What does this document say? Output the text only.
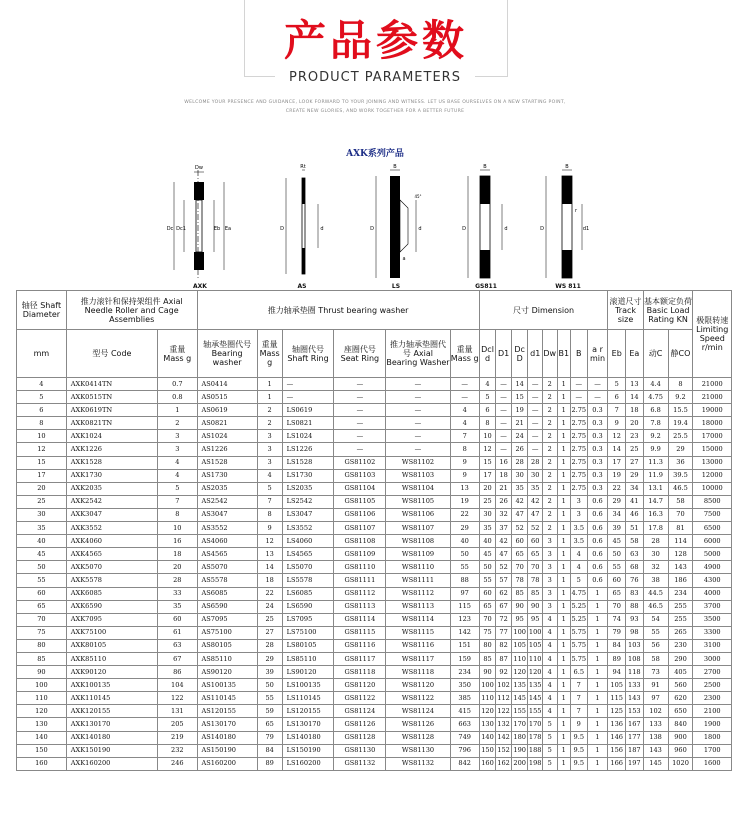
产品参数
PRODUCT PARAMETERS
WELCOME YOUR PRESENCE AND GUIDANCE, LOOK FORWARD TO YOUR JOINING AND WITNESS. LET US BASE OURSELVES ON A NEW STARTING POINT,
CREATE NEW GLORIES, AND WORK TOGETHER FOR A BETTER FUTURE
AXK系列产品
Dw
Dc Dc1	Eb Ea
AXK
Rt
D	d
AS
B
D	d
a
45°
LS
B
D	d
GS811
B
D	d1
r
WS 811
轴径 Shaft Diameter	推力滚针和保持架组件 Axial Needle Roller and Cage Assemblies		推力轴承垫圈 Thrust bearing washer						尺寸 Dimension								滚道尺寸 Track size		基本额定负荷 Basic Load Rating KN		极限转速 Limiting Speed r/min
mm	型号 Code	重量 Mass g	轴承垫圈代号 Bearing washer	重量 Mass g	轴圈代号 Shaft Ring	座圈代号 Seat Ring	推力轴承垫圈代号 Axial Bearing Washer	重量 Mass g	Dcl d	D1	Dc D	d1	Dw	B1	B	a r min	Eb	Ea	动C	静CO	
4	AXK0414TN	0.7	AS0414	1	—	—	—	—	4	—	14	—	2	1	—	—	5	13	4.4	8	21000
5	AXK0515TN	0.8	AS0515	1	—	—	—	—	5	—	15	—	2	1	—	—	6	14	4.75	9.2	21000
6	AXK0619TN	1	AS0619	2	LS0619	—	—	4	6	—	19	—	2	1	2.75	0.3	7	18	6.8	15.5	19000
8	AXK0821TN	2	AS0821	2	LS0821	—	—	4	8	—	21	—	2	1	2.75	0.3	9	20	7.8	19.4	18000
10	AXK1024	3	AS1024	3	LS1024	—	—	7	10	—	24	—	2	1	2.75	0.3	12	23	9.2	25.5	17000
12	AXK1226	3	AS1226	3	LS1226	—	—	8	12	—	26	—	2	1	2.75	0.3	14	25	9.9	29	15000
15	AXK1528	4	AS1528	3	LS1528	GS81102	WS81102	9	15	16	28	28	2	1	2.75	0.3	17	27	11.3	36	13000
17	AXK1730	4	AS1730	4	LS1730	GS81103	WS81103	9	17	18	30	30	2	1	2.75	0.3	19	29	11.9	39.5	12000
20	AXK2035	5	AS2035	5	LS2035	GS81104	WS81104	13	20	21	35	35	2	1	2.75	0.3	22	34	13.1	46.5	10000
25	AXK2542	7	AS2542	7	LS2542	GS81105	WS81105	19	25	26	42	42	2	1	3	0.6	29	41	14.7	58	8500
30	AXK3047	8	AS3047	8	LS3047	GS81106	WS81106	22	30	32	47	47	2	1	3	0.6	34	46	16.3	70	7500
35	AXK3552	10	AS3552	9	LS3552	GS81107	WS81107	29	35	37	52	52	2	1	3.5	0.6	39	51	17.8	81	6500
40	AXK4060	16	AS4060	12	LS4060	GS81108	WS81108	40	40	42	60	60	3	1	3.5	0.6	45	58	28	114	6000
45	AXK4565	18	AS4565	13	LS4565	GS81109	WS81109	50	45	47	65	65	3	1	4	0.6	50	63	30	128	5000
50	AXK5070	20	AS5070	14	LS5070	GS81110	WS81110	55	50	52	70	70	3	1	4	0.6	55	68	32	143	4900
55	AXK5578	28	AS5578	18	LS5578	GS81111	WS81111	88	55	57	78	78	3	1	5	0.6	60	76	38	186	4300
60	AXK6085	33	AS6085	22	LS6085	GS81112	WS81112	97	60	62	85	85	3	1	4.75	1	65	83	44.5	234	4000
65	AXK6590	35	AS6590	24	LS6590	GS81113	WS81113	115	65	67	90	90	3	1	5.25	1	70	88	46.5	255	3700
70	AXK7095	60	AS7095	25	LS7095	GS81114	WS81114	123	70	72	95	95	4	1	5.25	1	74	93	54	255	3500
75	AXK75100	61	AS75100	27	LS75100	GS81115	WS81115	142	75	77	100	100	4	1	5.75	1	79	98	55	265	3300
80	AXK80105	63	AS80105	28	LS80105	GS81116	WS81116	151	80	82	105	105	4	1	5.75	1	84	103	56	230	3100
85	AXK85110	67	AS85110	29	LS85110	GS81117	WS81117	159	85	87	110	110	4	1	5.75	1	89	108	58	290	3000
90	AXK90120	86	AS90120	39	LS90120	GS81118	WS81118	234	90	92	120	120	4	1	6.5	1	94	118	73	405	2700
100	AXK100135	104	AS100135	50	LS100135	GS81120	WS81120	350	100	102	135	135	4	1	7	1	105	133	91	560	2500
110	AXK110145	122	AS110145	55	LS110145	GS81122	WS81122	385	110	112	145	145	4	1	7	1	115	143	97	620	2300
120	AXK120155	131	AS120155	59	LS120155	GS81124	WS81124	415	120	122	155	155	4	1	7	1	125	153	102	650	2100
130	AXK130170	205	AS130170	65	LS130170	GS81126	WS81126	663	130	132	170	170	5	1	9	1	136	167	133	840	1900
140	AXK140180	219	AS140180	79	LS140180	GS81128	WS81128	749	140	142	180	178	5	1	9.5	1	146	177	138	900	1800
150	AXK150190	232	AS150190	84	LS150190	GS81130	WS81130	796	150	152	190	188	5	1	9.5	1	156	187	143	960	1700
160	AXK160200	246	AS160200	89	LS160200	GS81132	WS81132	842	160	162	200	198	5	1	9.5	1	166	197	145	1020	1600
